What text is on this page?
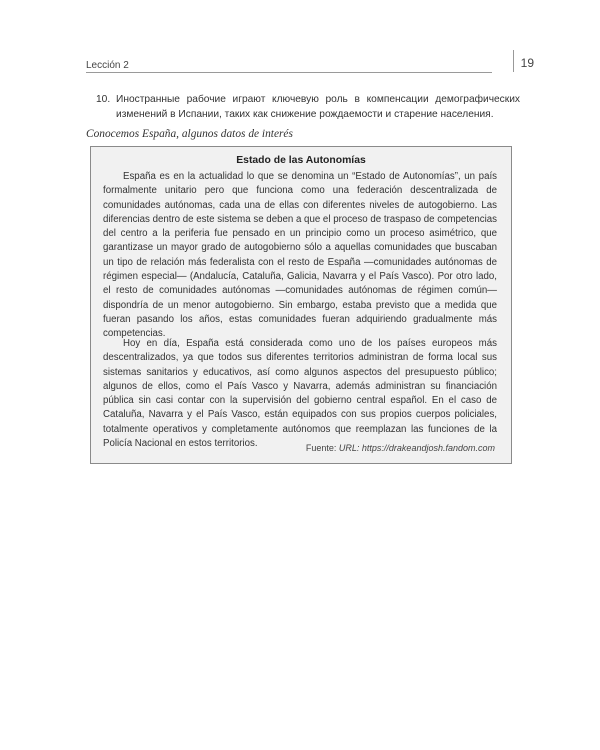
Lección 2	19
10. Иностранные рабочие играют ключевую роль в компенсации демографических изменений в Испании, таких как снижение рождаемости и старение населения.
Conocemos España, algunos datos de interés
Estado de las Autonomías
España es en la actualidad lo que se denomina un “Estado de Autonomías”, un país formalmente unitario pero que funciona como una federación descentralizada de comunidades autónomas, cada una de ellas con diferentes niveles de autogobierno. Las diferencias dentro de este sistema se deben a que el proceso de traspaso de competencias del centro a la periferia fue pensado en un principio como un proceso asimétrico, que garantizase un mayor grado de autogobierno sólo a aquellas comunidades que buscaban un tipo de relación más federalista con el resto de España —comunidades autónomas de régimen especial— (Andalucía, Cataluña, Galicia, Navarra y el País Vasco). Por otro lado, el resto de comunidades autónomas —comunidades autónomas de régimen común— dispondría de un menor autogobierno. Sin embargo, estaba previsto que a medida que fueran pasando los años, estas comunidades fueran adquiriendo gradualmente más competencias.
Hoy en día, España está considerada como uno de los países europeos más descentralizados, ya que todos sus diferentes territorios administran de forma local sus sistemas sanitarios y educativos, así como algunos aspectos del presupuesto público; algunos de ellos, como el País Vasco y Navarra, además administran su financiación pública sin casi contar con la supervisión del gobierno central español. En el caso de Cataluña, Navarra y el País Vasco, están equipados con sus propios cuerpos policiales, totalmente operativos y completamente autónomos que reemplazan las funciones de la Policía Nacional en estos territorios.	Fuente: URL: https://drakeandjosh.fandom.com
